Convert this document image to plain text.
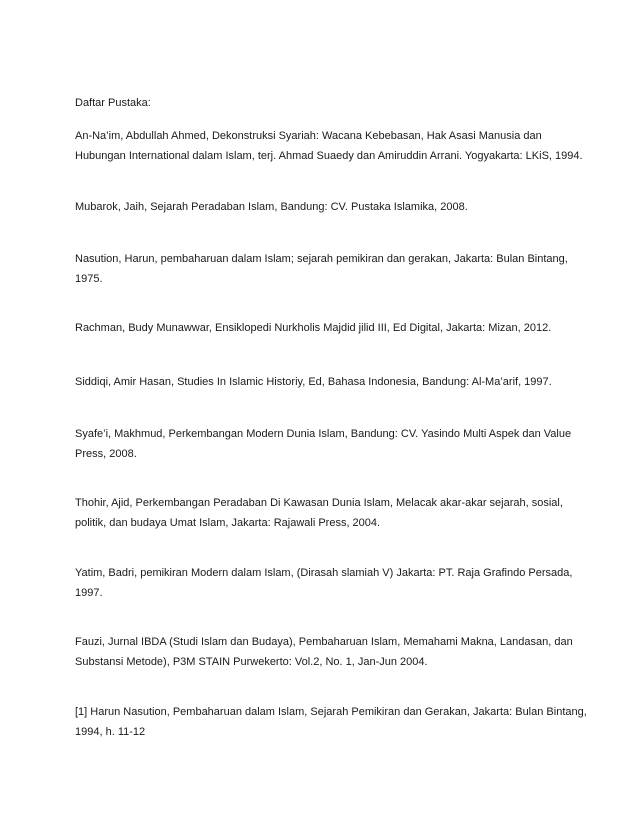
Daftar Pustaka:

An-Na’im, Abdullah Ahmed, Dekonstruksi Syariah: Wacana Kebebasan, Hak Asasi Manusia dan
Hubungan International dalam Islam, terj. Ahmad Suaedy dan Amiruddin Arrani. Yogyakarta: LKiS, 1994.

Mubarok, Jaih, Sejarah Peradaban Islam, Bandung: CV. Pustaka Islamika, 2008.

Nasution, Harun, pembaharuan dalam Islam; sejarah pemikiran dan gerakan, Jakarta: Bulan Bintang,
1975.

Rachman, Budy Munawwar, Ensiklopedi Nurkholis Majdid jilid III, Ed Digital, Jakarta: Mizan, 2012.

Siddiqi, Amir Hasan, Studies In Islamic Historiy, Ed, Bahasa Indonesia, Bandung: Al-Ma’arif, 1997.

Syafe’i, Makhmud, Perkembangan Modern Dunia Islam, Bandung: CV. Yasindo Multi Aspek dan Value
Press, 2008.

Thohir, Ajid, Perkembangan Peradaban Di Kawasan Dunia Islam, Melacak akar-akar sejarah, sosial,
politik, dan budaya Umat Islam, Jakarta: Rajawali Press, 2004.

Yatim, Badri, pemikiran Modern dalam Islam, (Dirasah slamiah V) Jakarta: PT. Raja Grafindo Persada,
1997.

Fauzi, Jurnal IBDA (Studi Islam dan Budaya), Pembaharuan Islam, Memahami Makna, Landasan, dan
Substansi Metode), P3M STAIN Purwekerto: Vol.2, No. 1, Jan-Jun 2004.

[1] Harun Nasution, Pembaharuan dalam Islam, Sejarah Pemikiran dan Gerakan, Jakarta: Bulan Bintang,
1994, h. 11-12
